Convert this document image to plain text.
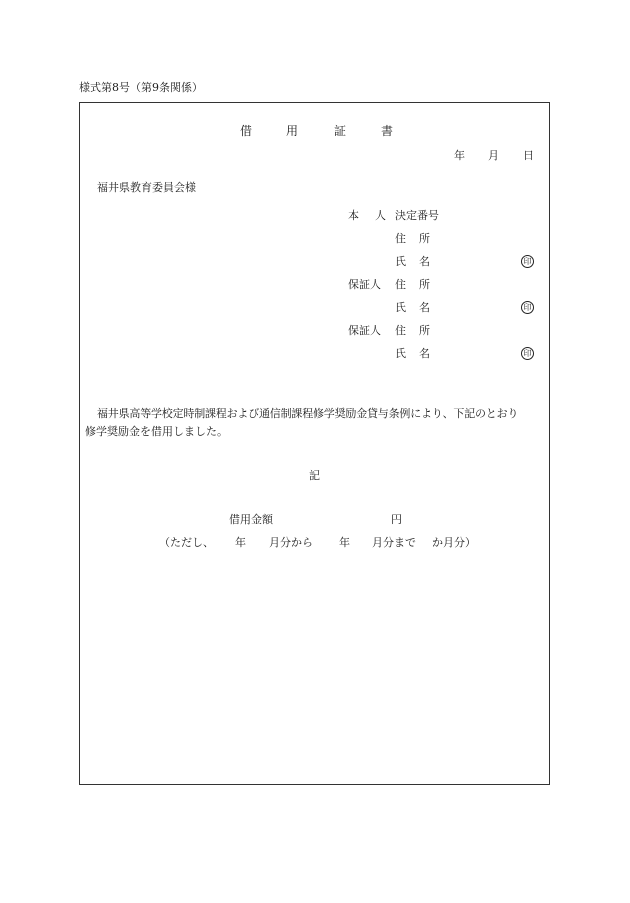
様式第8号（第9条関係）
借	用	証	書
年 月 日
福井県教育委員会様
本 人 決定番号
住 所
氏 名	印
保証人 住 所
氏 名	印
保証人 住 所
氏 名	印
福井県高等学校定時制課程および通信制課程修学奨励金貸与条例により、下記のとおり
修学奨励金を借用しました。
記
借用金額	円
（ただし、 年 月分から 年 月分まで か月分）
